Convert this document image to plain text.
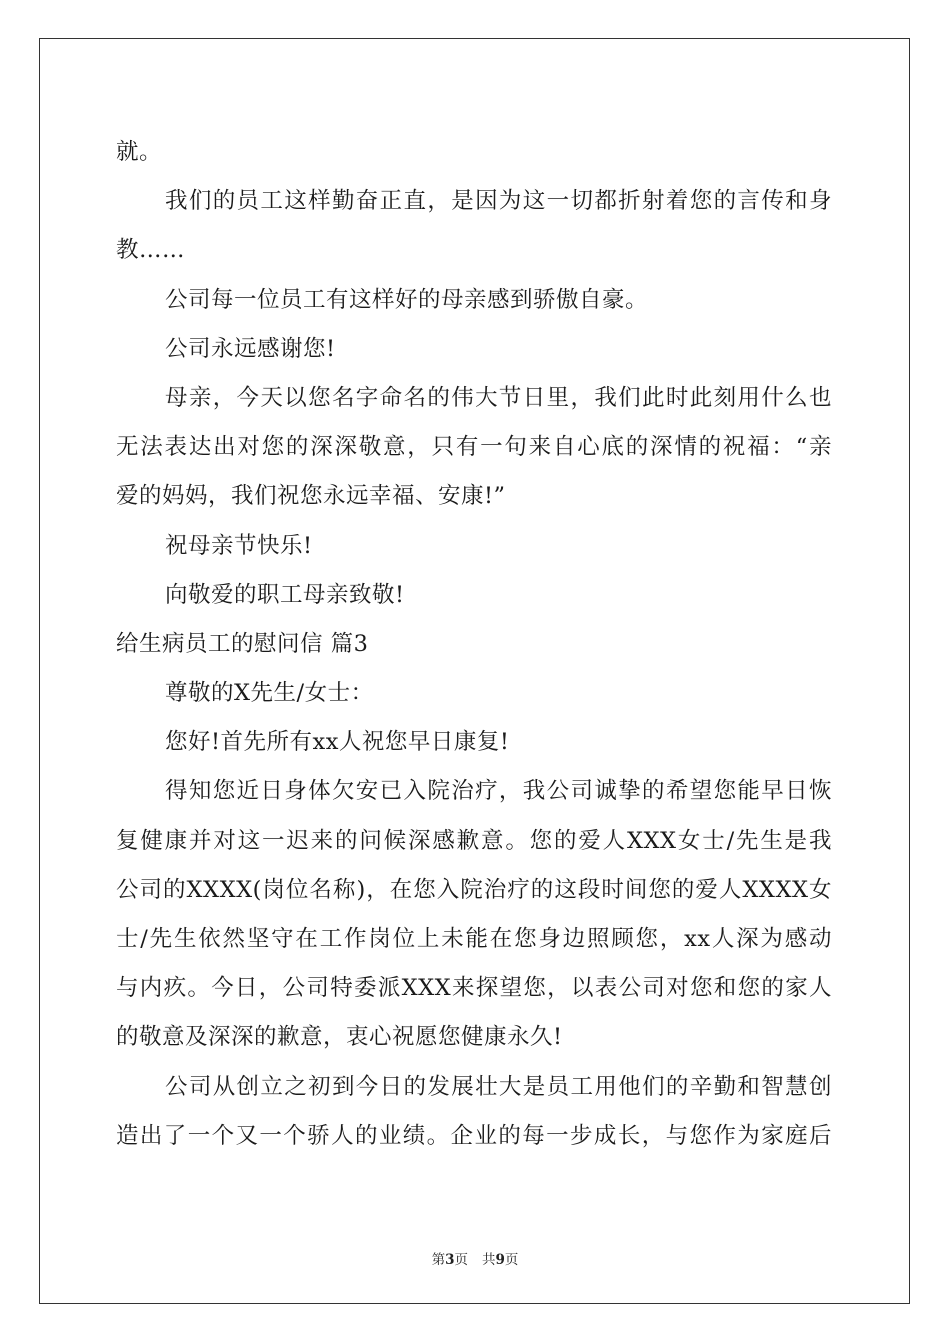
就。
我们的员工这样勤奋正直，是因为这一切都折射着您的言传和身
教……
公司每一位员工有这样好的母亲感到骄傲自豪。
公司永远感谢您!
母亲，今天以您名字命名的伟大节日里，我们此时此刻用什么也
无法表达出对您的深深敬意，只有一句来自心底的深情的祝福：“亲
爱的妈妈，我们祝您永远幸福、安康!”
祝母亲节快乐!
向敬爱的职工母亲致敬!
给生病员工的慰问信 篇3
尊敬的X先生/女士：
您好!首先所有xx人祝您早日康复!
得知您近日身体欠安已入院治疗，我公司诚挚的希望您能早日恢
复健康并对这一迟来的问候深感歉意。您的爱人XXX女士/先生是我
公司的XXXX(岗位名称)，在您入院治疗的这段时间您的爱人XXXX女
士/先生依然坚守在工作岗位上未能在您身边照顾您，xx人深为感动
与内疚。今日，公司特委派XXX来探望您，以表公司对您和您的家人
的敬意及深深的歉意，衷心祝愿您健康永久!
公司从创立之初到今日的发展壮大是员工用他们的辛勤和智慧创
造出了一个又一个骄人的业绩。企业的每一步成长，与您作为家庭后
第3页 共9页
